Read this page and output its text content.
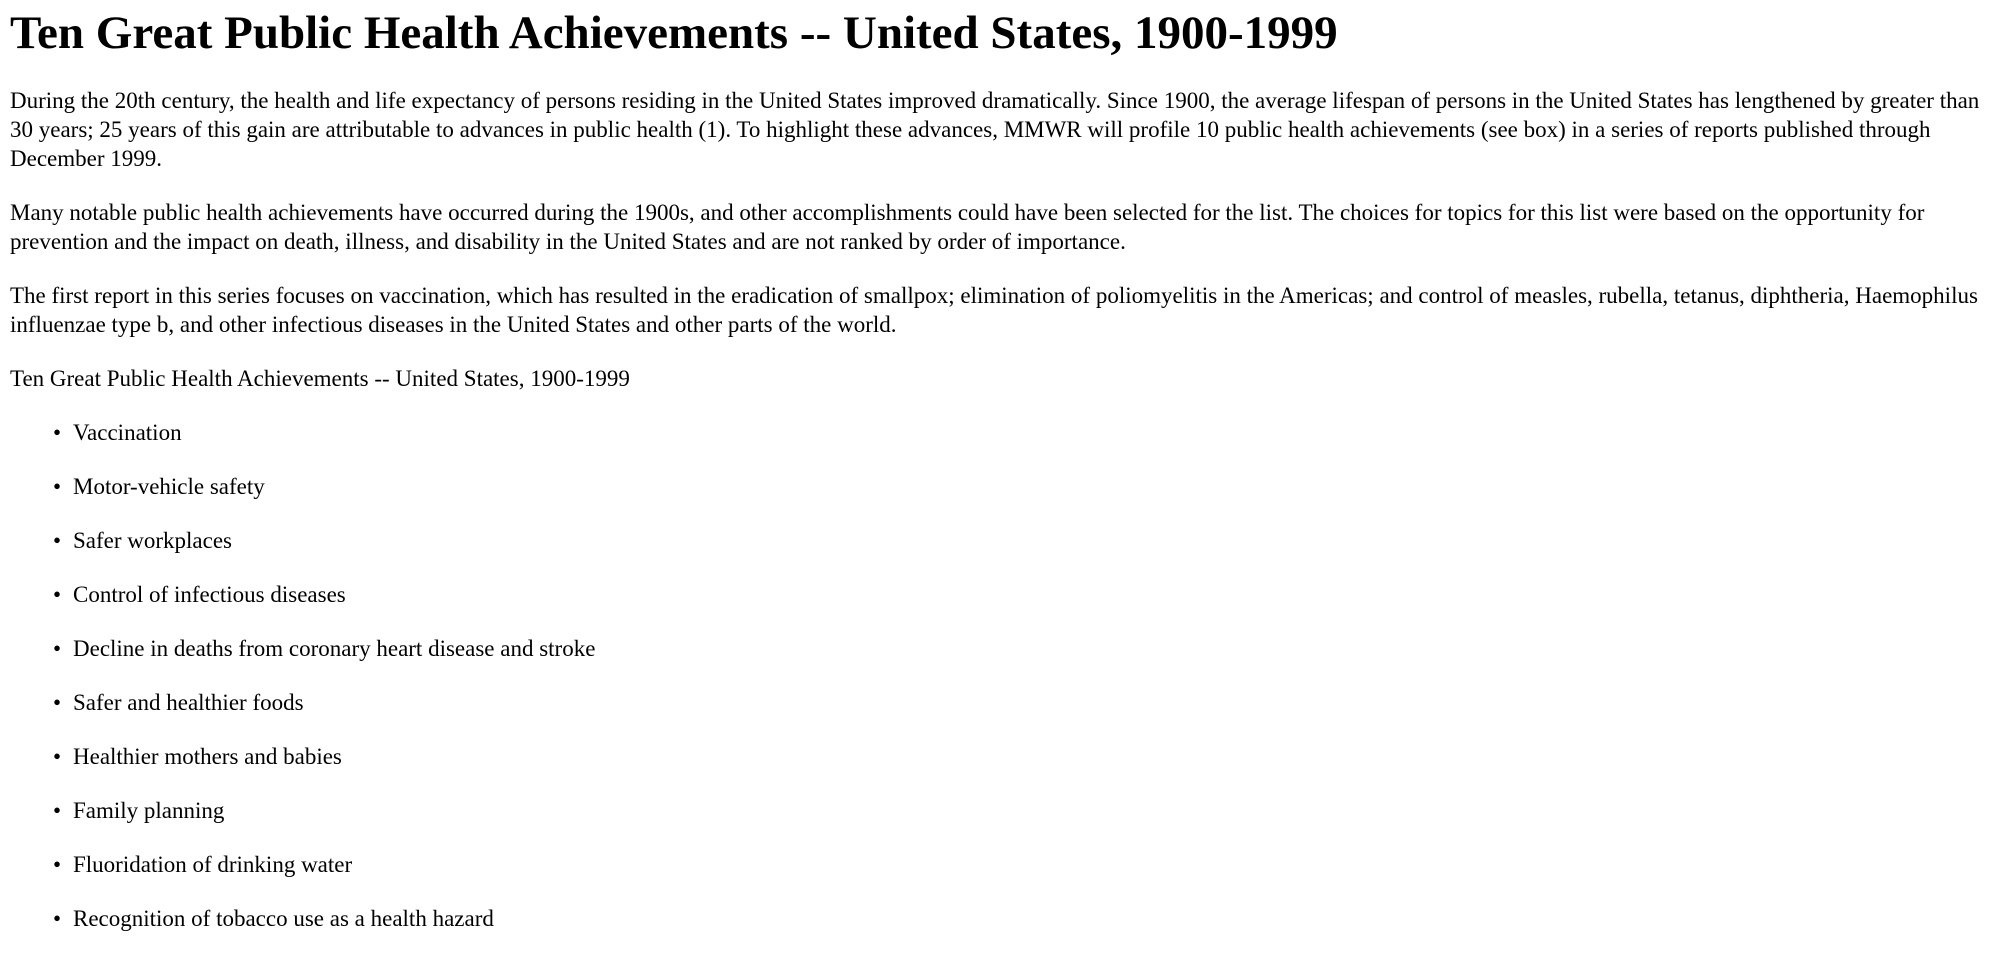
Ten Great Public Health Achievements -- United States, 1900-1999

During the 20th century, the health and life expectancy of persons residing in the United States improved dramatically. Since 1900, the average lifespan of persons in the United States has lengthened by greater than 30 years; 25 years of this gain are attributable to advances in public health (1). To highlight these advances, MMWR will profile 10 public health achievements (see box) in a series of reports published through December 1999.

Many notable public health achievements have occurred during the 1900s, and other accomplishments could have been selected for the list. The choices for topics for this list were based on the opportunity for prevention and the impact on death, illness, and disability in the United States and are not ranked by order of importance.

The first report in this series focuses on vaccination, which has resulted in the eradication of smallpox; elimination of poliomyelitis in the Americas; and control of measles, rubella, tetanus, diphtheria, Haemophilus influenzae type b, and other infectious diseases in the United States and other parts of the world.

Ten Great Public Health Achievements -- United States, 1900-1999
• Vaccination
• Motor-vehicle safety
• Safer workplaces
• Control of infectious diseases
• Decline in deaths from coronary heart disease and stroke
• Safer and healthier foods
• Healthier mothers and babies
• Family planning
• Fluoridation of drinking water
• Recognition of tobacco use as a health hazard
